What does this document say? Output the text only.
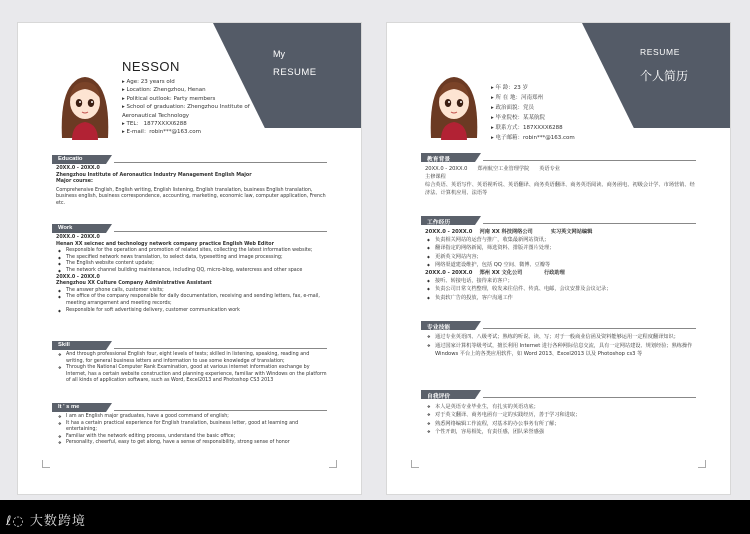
ℓ◌ 大数跨境
My
RESUME
NESSON
▸ Age: 23 years old
▸ Location: Zhengzhou, Henan
▸ Political outlook: Party members
▸ School of graduation: Zhengzhou Institute of Aeronautical Technology
▸ TEL： 1877XXXX6288
▸ E-mail：robin***@163.com
Educatio

20XX.0 - 20XX.0

Zhengzhou Institute of Aeronautics Industry Management English Major

Major course:

Comprehensive English, English writing, English listening, English translation, business English translation, business english, business correspondence, accounting, marketing, economic law, computer application, French etc.

Work

20XX.0 - 20XX.0

Henan XX seicnec and technology network company practice English Web Editor

◆ Responsible for the operation and promotion of related sites, collecting the latest information website;

◆ The specified network news translation, to select data, typesetting and image processing;

◆ The English website content update;

◆ The network channel building maintenance, including QQ, micro-blog, watercress and other space

20XX.0 - 20XX.0

Zhengzhou XX Culture Company Administrative Assistant

◆ The answer phone calls, customer visits;

◆ The office of the company responsible for daily documentation, receiving and sending letters, fax, e-mail, meeting arrangement and meeting records;

◆ Responsible for soft advertising delivery, customer communication work

Skill

❖ And through professional English four, eight levels of tests; skilled in listening, speaking, reading and writing, for general business letters and information to use some knowledge of translation;

❖ Through the National Computer Rank Examination, good at various internet information exchange by Internet, has a certain website construction and planning experience, familiar with Windows on the platform of all kinds of application software, such as Word, Excel2013 and Photoshop CS3 2013

It ' s me

❖ I am an English major graduates, have a good command of english;

❖ It has a certain practical experience for English translation, business letter, good at learning and entertaining;

❖ Familiar with the network editing process, understand the basic office;

❖ Personality, cheerful, easy to get along, have a sense of responsibility, strong sense of honor

RESUME
个人简历
▸ 年 龄：23 岁
▸ 所 在 地：河南郑州
▸ 政治面貌：党员
▸ 毕业院校：某某航院
▸ 联系方式：187XXXX6288
▸ 电子邮箱：robin***@163.com
教育背景

20XX.0 - 20XX.0 郑州航空工业管理学院 英语专业

主修课程

综合英语、英语写作、英语视听说、英语翻译、商务英语翻译、商务英语阅读、商务函电、初级会计学、市场营销、经济法、计算机应用、法语等

工作经历

20XX.0 - 20XX.0 河南 XX 科技网络公司	实习英文网站编辑

◆ 负责相关网站的运营与推广，收集最新网站资讯；

◆ 翻译指定的网络新闻，筛选资料、排版并图片处理；

◆ 更新英文网站内容；

◆ 网络渠道建设维护，包括 QQ 空间、微博、豆瓣等

20XX.0 - 20XX.0 郑州 XX 文化公司	行政助理

◆ 接听、转接电话，接待来访客户；

◆ 负责公司日常文档整理，收发来往信件、传真、电邮，会议安排及会议记录；

◆ 负责软广告的投放，客户沟通工作

专业技能

❖ 通过专业英语四、八级考试；熟练的听说、读、写；对于一般商业信函及资料能够运用一定程度翻译知识；

❖ 通过国家计算机等级考试，擅长利用 Internet 进行各种网际信息交流，具有一定网站建设、规划经验；熟练操作 Windows 平台上的各类应用软件，如 Word 2013、Excel2013 以及 Photoshop cs3 等

自我评价

❖ 本人是英语专业毕业生，有扎实的英语功底；

❖ 对于英文翻译、商务电函有一定的实践经历，善于学习和进取；

❖ 熟悉网络编辑工作流程，对基本的办公事务有所了解；

❖ 个性开朗，容易相处，有责任感，团队荣誉感强
